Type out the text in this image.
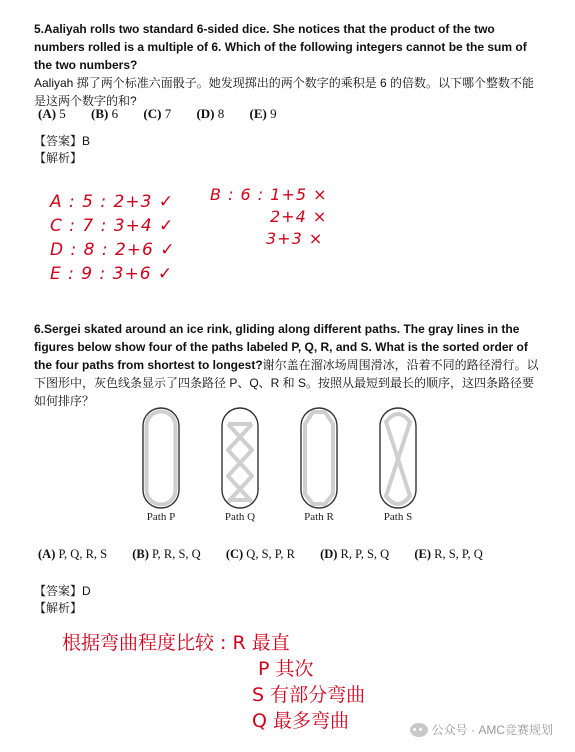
5.Aaliyah rolls two standard 6-sided dice. She notices that the product of the two numbers rolled is a multiple of 6. Which of the following integers cannot be the sum of the two numbers?
Aaliyah 掷了两个标准六面骰子。她发现掷出的两个数字的乘积是 6 的倍数。以下哪个整数不能是这两个数字的和?
(A) 5 (B) 6 (C) 7 (D) 8 (E) 9
【答案】B
【解析】
A : 5 : 2+3 ✓
C : 7 : 3+4 ✓
D : 8 : 2+6 ✓
E : 9 : 3+6 ✓
B : 6 : 1+5 ×
2+4 ×
3+3 ×
6.Sergei skated around an ice rink, gliding along different paths. The gray lines in the figures below show four of the paths labeled P, Q, R, and S. What is the sorted order of the four paths from shortest to longest?谢尔盖在溜冰场周围滑冰，沿着不同的路径滑行。以下图形中，灰色线条显示了四条路径 P、Q、R 和 S。按照从最短到最长的顺序，这四条路径要如何排序？
Path P	Path Q	Path R	Path S
(A) P, Q, R, S (B) P, R, S, Q (C) Q, S, P, R (D) R, P, S, Q (E) R, S, P, Q
【答案】D
【解析】
根据弯曲程度比较 : R 最直
P 其次
S 有部分弯曲
Q 最多弯曲	公众号 · AMC竞赛规划
